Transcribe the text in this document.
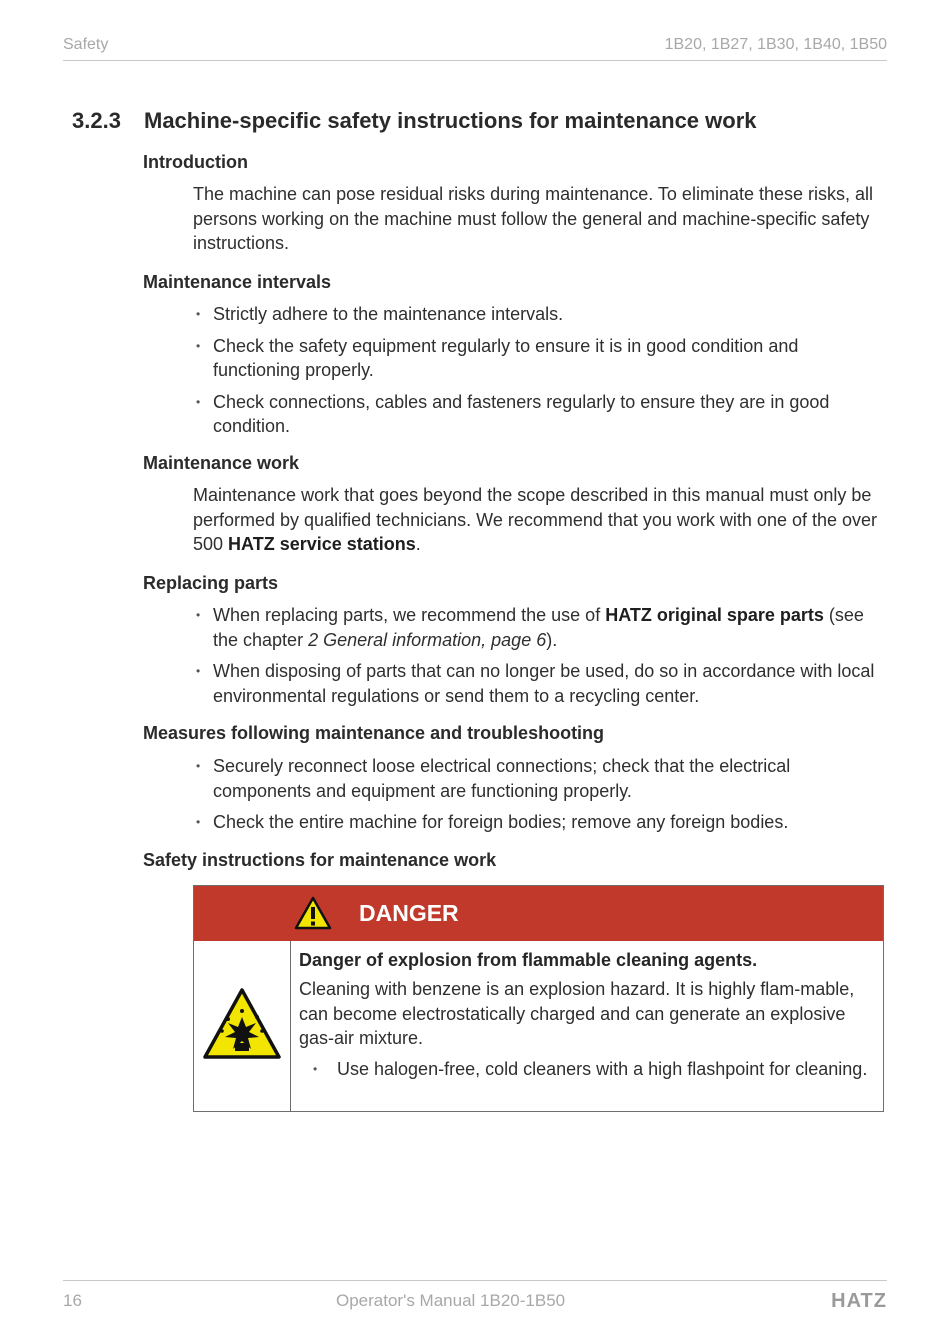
Safety	1B20, 1B27, 1B30, 1B40, 1B50
3.2.3 Machine-specific safety instructions for maintenance work
Introduction
The machine can pose residual risks during maintenance. To eliminate these risks, all persons working on the machine must follow the general and machine-specific safety instructions.
Maintenance intervals
• Strictly adhere to the maintenance intervals.
• Check the safety equipment regularly to ensure it is in good condition and functioning properly.
• Check connections, cables and fasteners regularly to ensure they are in good condition.
Maintenance work
Maintenance work that goes beyond the scope described in this manual must only be performed by qualified technicians. We recommend that you work with one of the over 500 HATZ service stations.
Replacing parts
• When replacing parts, we recommend the use of HATZ original spare parts (see the chapter 2 General information, page 6).
• When disposing of parts that can no longer be used, do so in accordance with local environmental regulations or send them to a recycling center.
Measures following maintenance and troubleshooting
• Securely reconnect loose electrical connections; check that the electrical components and equipment are functioning properly.
• Check the entire machine for foreign bodies; remove any foreign bodies.
Safety instructions for maintenance work
DANGER
Danger of explosion from flammable cleaning agents.
Cleaning with benzene is an explosion hazard. It is highly flam-mable, can become electrostatically charged and can generate an explosive gas-air mixture.
• Use halogen-free, cold cleaners with a high flashpoint for cleaning.
16	Operator's Manual 1B20-1B50	HATZ
